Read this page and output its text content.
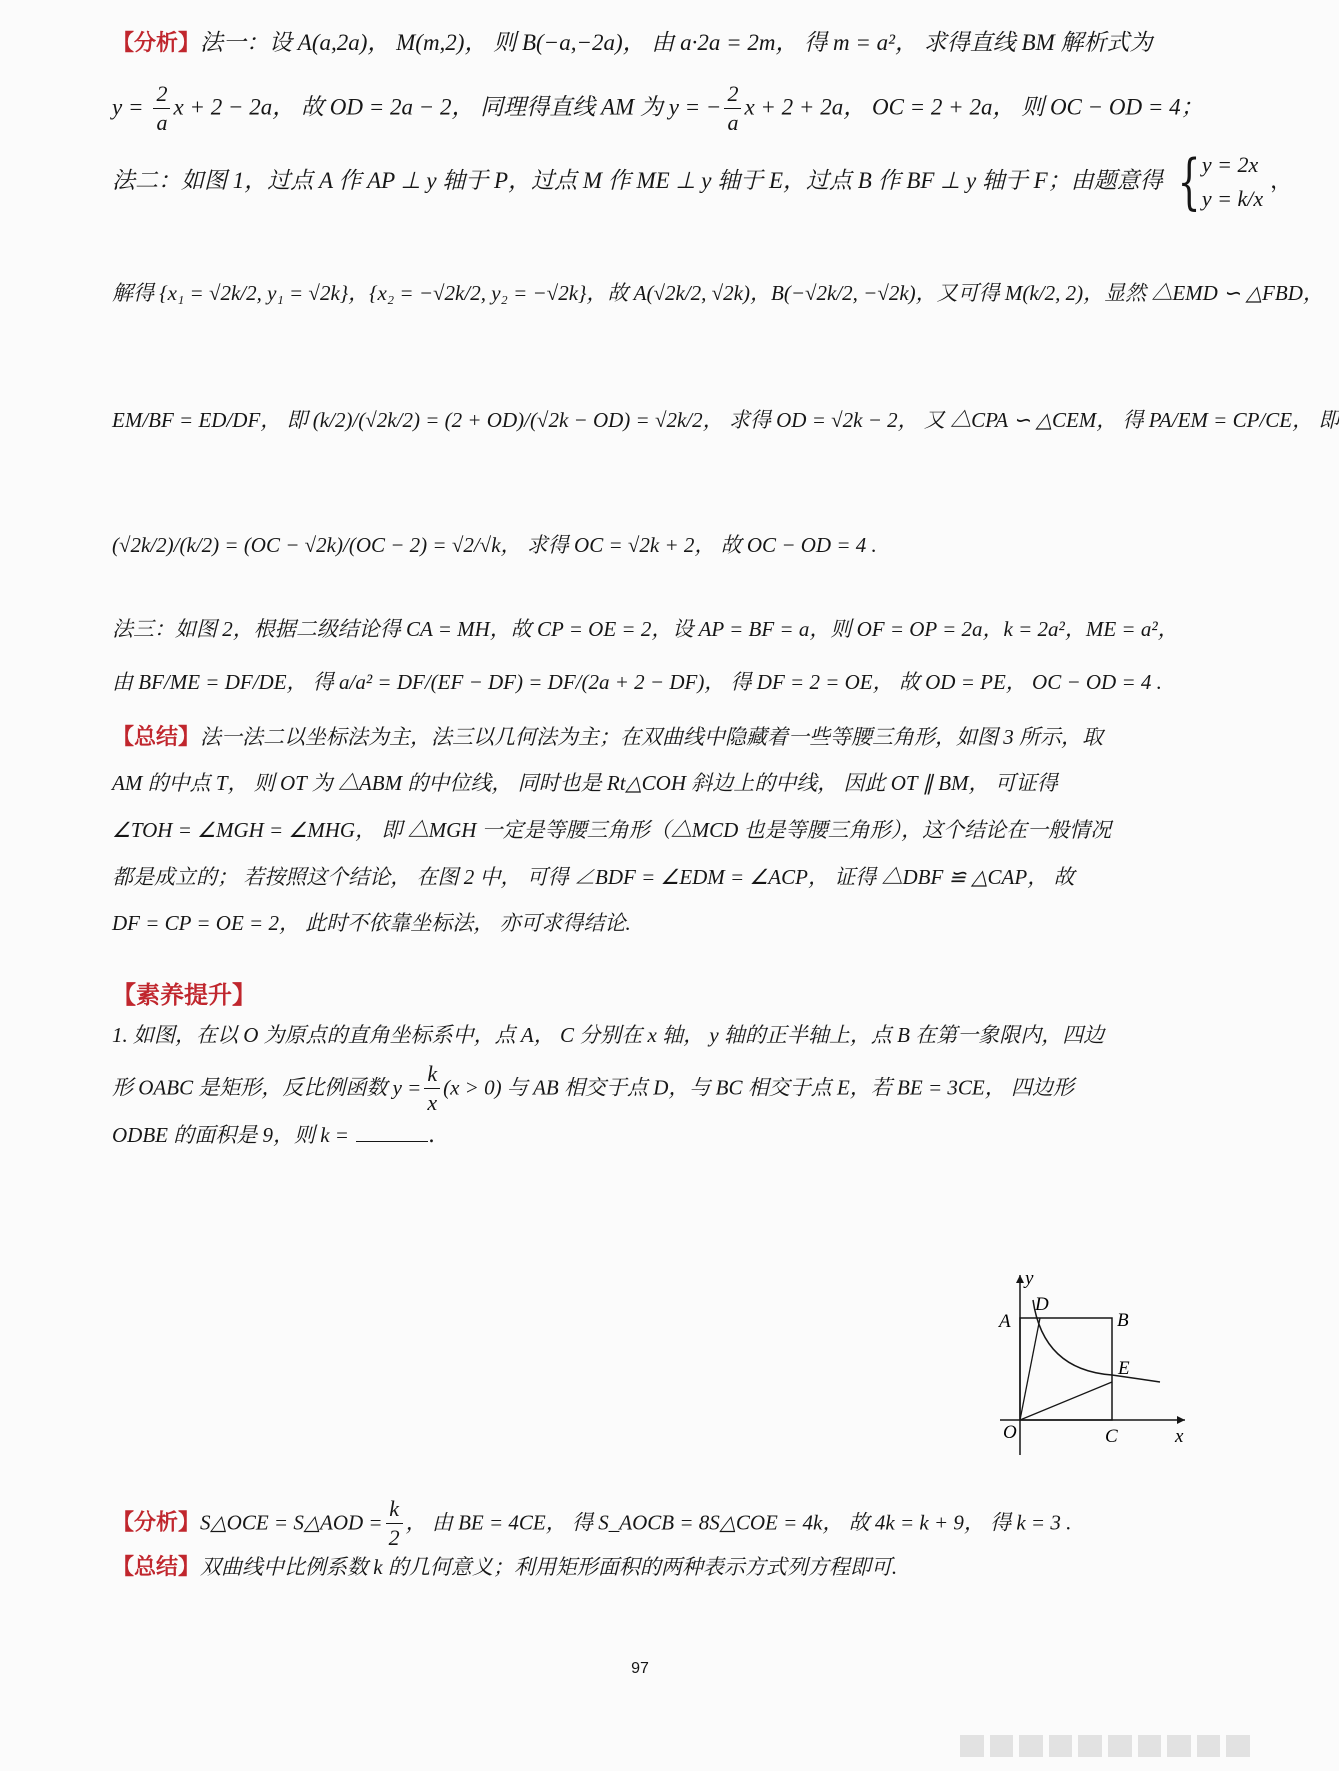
【分析】法一：设 A(a,2a)， M(m,2)， 则 B(−a,−2a)， 由 a·2a = 2m， 得 m = a²， 求得直线 BM 解析式为
$y = \frac{2}{a}$ x + 2 − 2a， 故 OD = 2a − 2， 同理得直线 AM 为 y = − $\frac{2}{a}$ x + 2 + 2a， OC = 2 + 2a， 则 OC − OD = 4；
法二：如图 1，过点 A 作 AP ⊥ y 轴于 P，过点 M 作 ME ⊥ y 轴于 E，过点 B 作 BF ⊥ y 轴于 F；由题意得 { y = 2x
y = k/x
，
解得 {x₁ = √2k/2, y₁ = √2k}，{x₂ = −√2k/2, y₂ = −√2k}，故 A(√2k/2, √2k)，B(−√2k/2, −√2k)，又可得 M(k/2, 2)，显然 △EMD ∽ △FBD，
EM/BF = ED/DF， 即 (k/2)/(√2k/2) = (2 + OD)/(√2k − OD) = √2k/2， 求得 OD = √2k − 2， 又 △CPA ∽ △CEM， 得 PA/EM = CP/CE， 即
(√2k/2)/(k/2) = (OC − √2k)/(OC − 2) = √2/√k， 求得 OC = √2k + 2， 故 OC − OD = 4 .
法三：如图 2，根据二级结论得 CA = MH，故 CP = OE = 2，设 AP = BF = a，则 OF = OP = 2a，k = 2a²，ME = a²，
由 BF/ME = DF/DE， 得 a/a² = DF/(EF − DF) = DF/(2a + 2 − DF)， 得 DF = 2 = OE， 故 OD = PE， OC − OD = 4 .
【总结】法一法二以坐标法为主，法三以几何法为主；在双曲线中隐藏着一些等腰三角形，如图 3 所示，取
AM 的中点 T， 则 OT 为 △ABM 的中位线， 同时也是 Rt△COH 斜边上的中线， 因此 OT ∥ BM， 可证得
∠TOH = ∠MGH = ∠MHG， 即 △MGH 一定是等腰三角形（△MCD 也是等腰三角形），这个结论在一般情况
都是成立的； 若按照这个结论， 在图 2 中， 可得 ∠BDF = ∠EDM = ∠ACP， 证得 △DBF ≌ △CAP， 故
DF = CP = OE = 2， 此时不依靠坐标法， 亦可求得结论.
【素养提升】
1. 如图，在以 O 为原点的直角坐标系中，点 A， C 分别在 x 轴， y 轴的正半轴上，点 B 在第一象限内，四边
形 OABC 是矩形，反比例函数 $y = \frac{k}{x} (x > 0)$ 与 AB 相交于点 D，与 BC 相交于点 E，若 BE = 3CE， 四边形
ODBE 的面积是 9，则 k =	.
y
x
A
D
B
E
O	C
【分析】S△OCE = S△AOD = $\frac{k}{2}$ ， 由 BE = 4CE， 得 S_AOCB = 8S△COE = 4k， 故 4k = k + 9， 得 k = 3 .
【总结】双曲线中比例系数 k 的几何意义；利用矩形面积的两种表示方式列方程即可.
97
